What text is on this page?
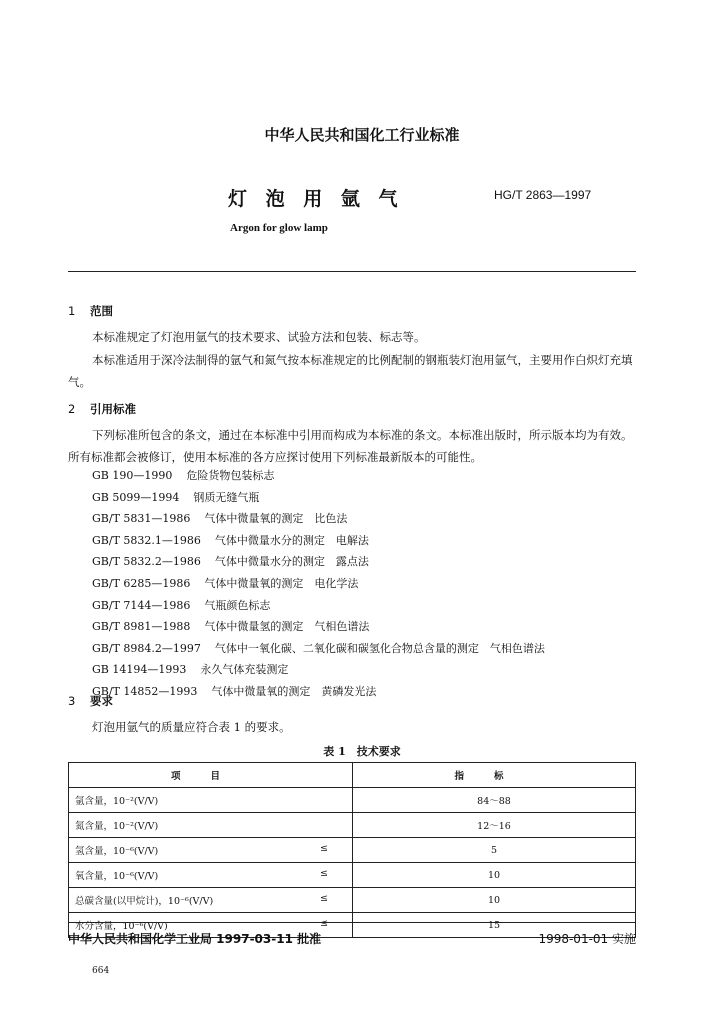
中华人民共和国化工行业标准
灯 泡 用 氩 气	HG/T 2863—1997
Argon for glow lamp
1 范围
本标准规定了灯泡用氩气的技术要求、试验方法和包装、标志等。
本标准适用于深冷法制得的氩气和氮气按本标准规定的比例配制的钢瓶装灯泡用氩气，主要用作白炽灯充填气。
2 引用标准
下列标准所包含的条文，通过在本标准中引用而构成为本标准的条文。本标准出版时，所示版本均为有效。所有标准都会被修订，使用本标准的各方应探讨使用下列标准最新版本的可能性。
GB 190—1990 危险货物包装标志
GB 5099—1994 钢质无缝气瓶
GB/T 5831—1986 气体中微量氧的测定　比色法
GB/T 5832.1—1986 气体中微量水分的测定　电解法
GB/T 5832.2—1986 气体中微量水分的测定　露点法
GB/T 6285—1986 气体中微量氧的测定　电化学法
GB/T 7144—1986 气瓶颜色标志
GB/T 8981—1988 气体中微量氢的测定　气相色谱法
GB/T 8984.2—1997 气体中一氧化碳、二氧化碳和碳氢化合物总含量的测定　气相色谱法
GB 14194—1993 永久气体充装测定
GB/T 14852—1993 气体中微量氧的测定　黄磷发光法
3 要求
灯泡用氩气的质量应符合表 1 的要求。
表 1　技术要求
项目	指标
氩含量，10⁻²(V/V)	84～88
氮含量，10⁻²(V/V)	12～16
氢含量，10⁻⁶(V/V) ≤	5
氧含量，10⁻⁶(V/V) ≤	10
总碳含量(以甲烷计)，10⁻⁶(V/V) ≤	10
水分含量，10⁻⁶(V/V) ≤	15
中华人民共和国化学工业局 1997-03-11 批准	1998-01-01 实施
664
